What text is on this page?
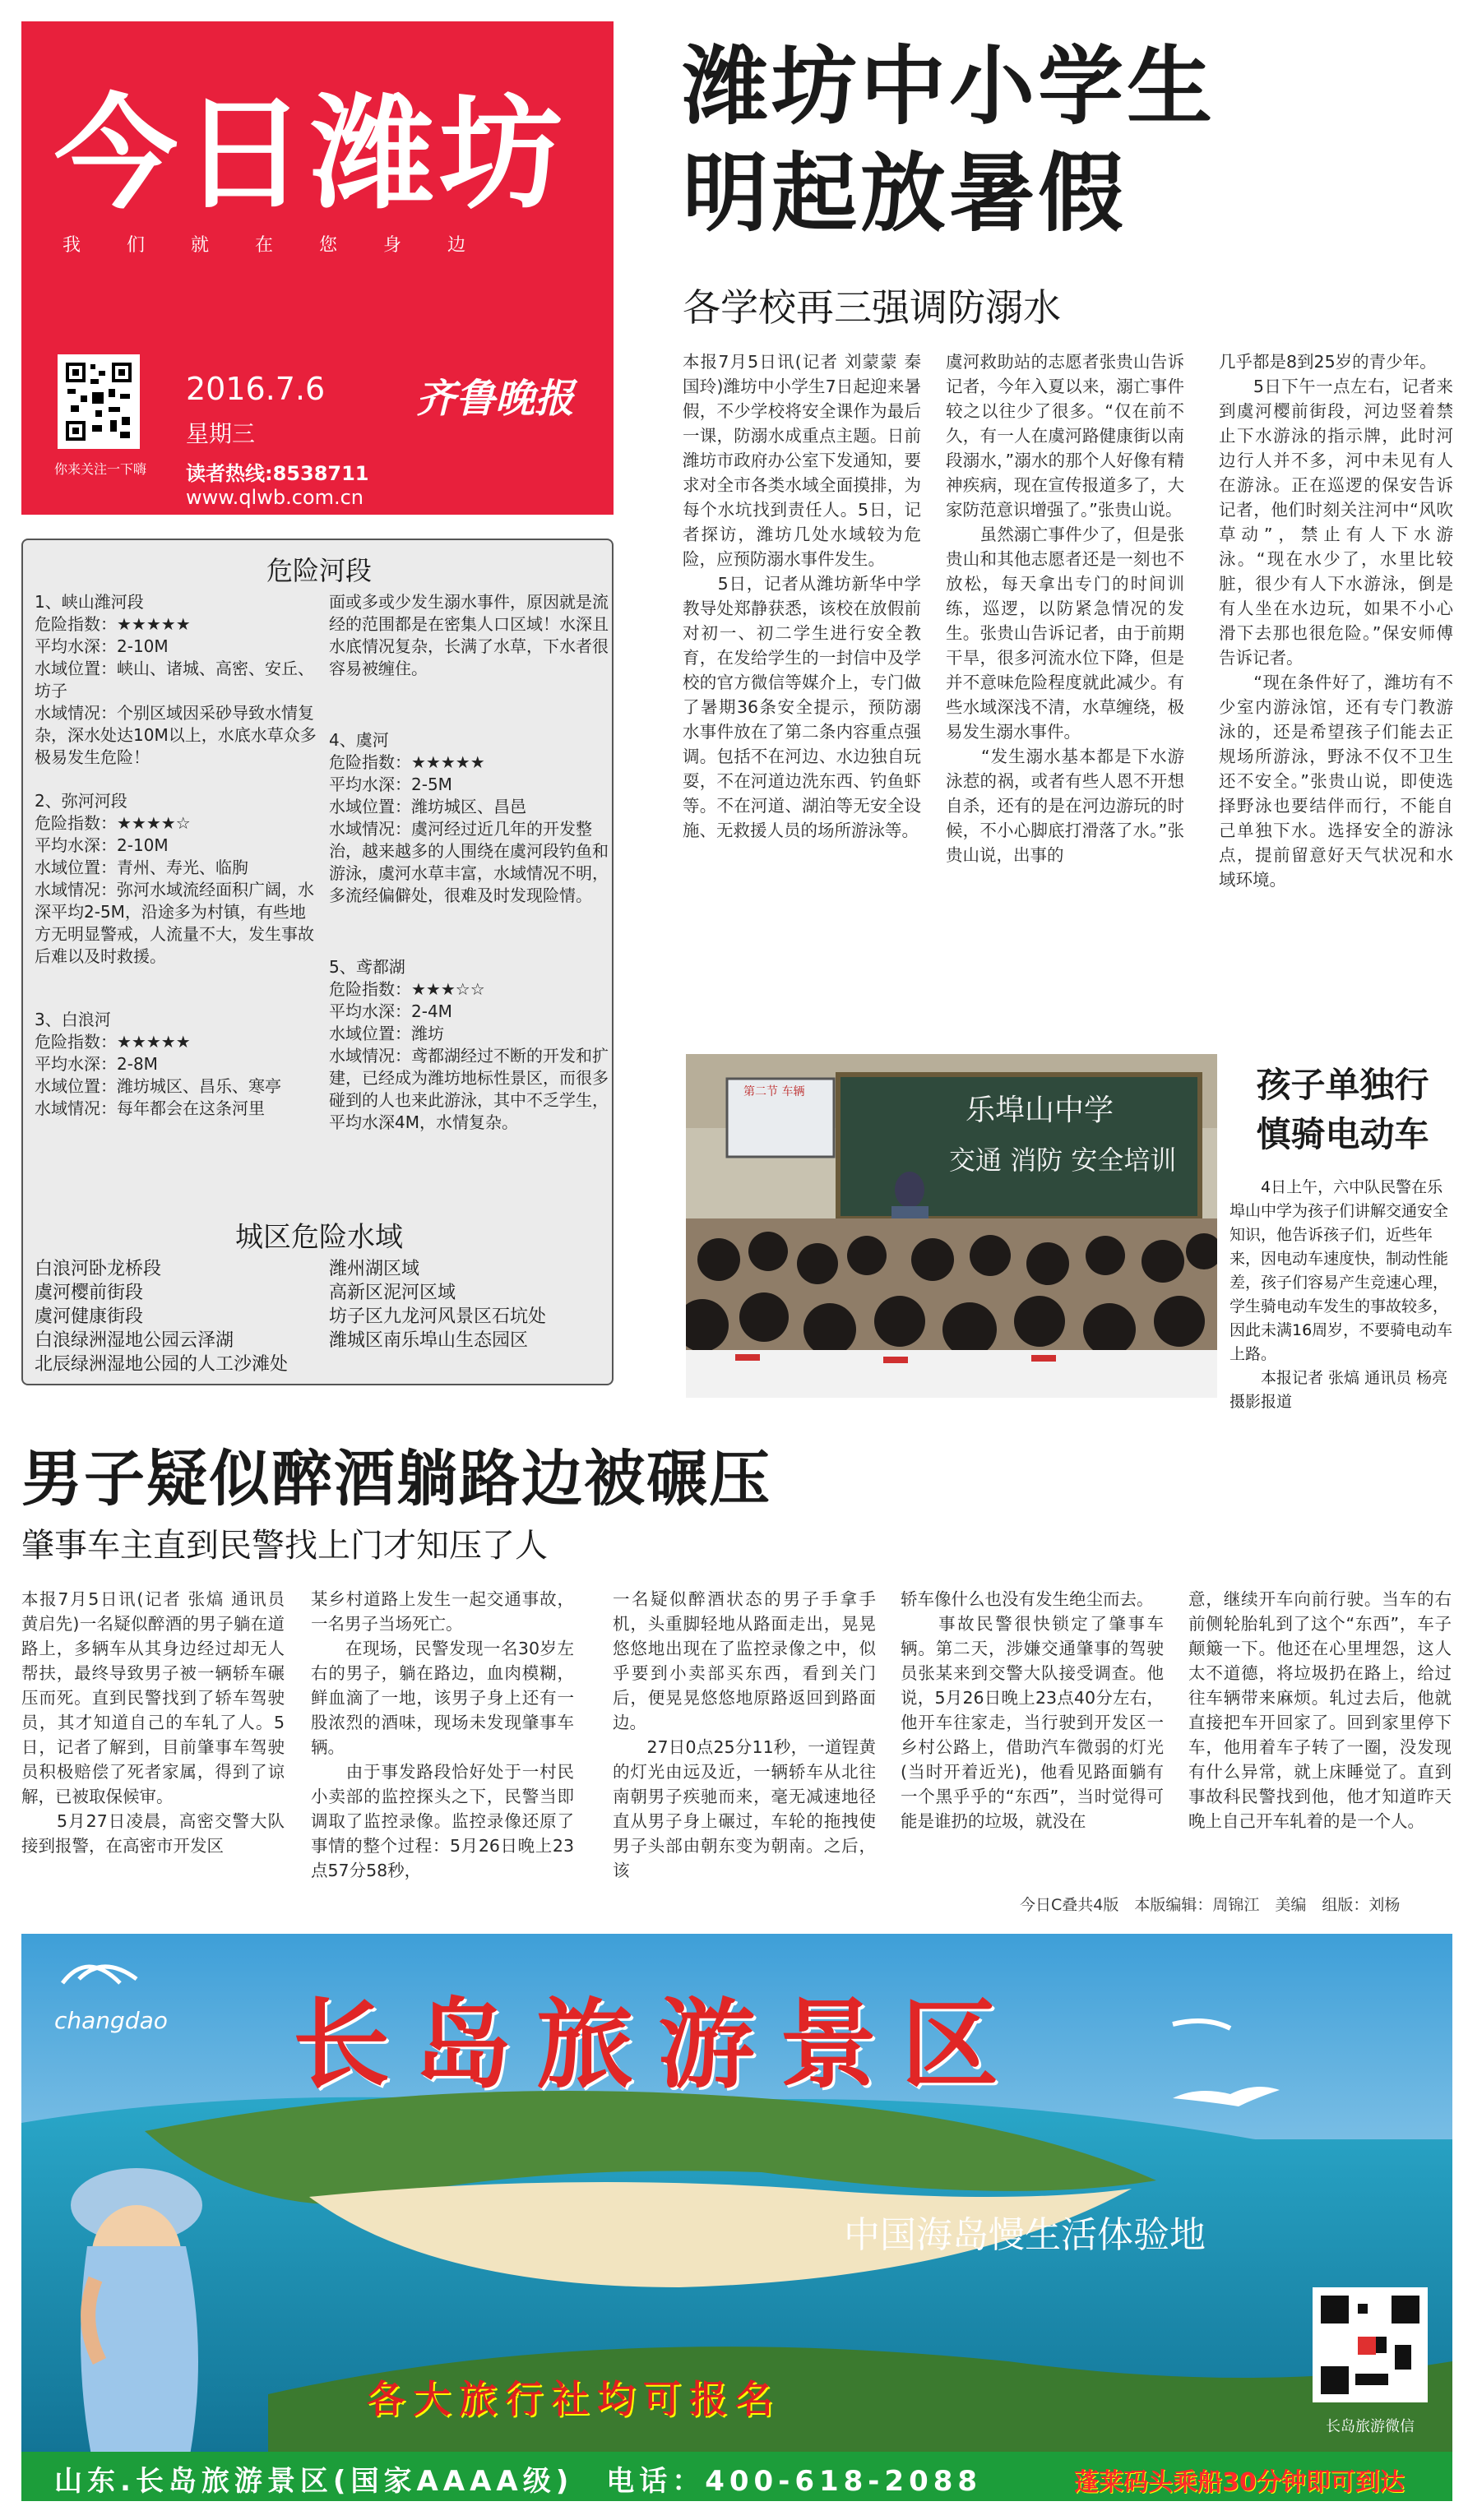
今日潍坊
我们就在您身边
你来关注一下嗨
2016.7.6
星期三
齐鲁晚报
读者热线:8538711
www.qlwb.com.cn
潍坊中小学生
明起放暑假
各学校再三强调防溺水
本报7月5日讯(记者 刘蒙蒙 秦国玲)潍坊中小学生7日起迎来暑假，不少学校将安全课作为最后一课，防溺水成重点主题。日前潍坊市政府办公室下发通知，要求对全市各类水域全面摸排，为每个水坑找到责任人。5日，记者探访，潍坊几处水域较为危险，应预防溺水事件发生。
　　5日，记者从潍坊新华中学教导处郑静获悉，该校在放假前对初一、初二学生进行安全教育，在发给学生的一封信中及学校的官方微信等媒介上，专门做了暑期36条安全提示，预防溺水事件放在了第二条内容重点强调。包括不在河边、水边独自玩耍，不在河道边洗东西、钓鱼虾等。不在河道、湖泊等无安全设施、无救援人员的场所游泳等。
虞河救助站的志愿者张贵山告诉记者，今年入夏以来，溺亡事件较之以往少了很多。“仅在前不久，有一人在虞河路健康街以南段溺水，”溺水的那个人好像有精神疾病，现在宣传报道多了，大家防范意识增强了。”张贵山说。
　　虽然溺亡事件少了，但是张贵山和其他志愿者还是一刻也不放松，每天拿出专门的时间训练，巡逻，以防紧急情况的发生。张贵山告诉记者，由于前期干旱，很多河流水位下降，但是并不意味危险程度就此减少。有些水域深浅不清，水草缠绕，极易发生溺水事件。
　　“发生溺水基本都是下水游泳惹的祸，或者有些人恩不开想自杀，还有的是在河边游玩的时候，不小心脚底打滑落了水。”张贵山说，出事的
几乎都是8到25岁的青少年。
　　5日下午一点左右，记者来到虞河樱前街段，河边竖着禁止下水游泳的指示牌，此时河边行人并不多，河中未见有人在游泳。正在巡逻的保安告诉记者，他们时刻关注河中“风吹草动”，禁止有人下水游泳。“现在水少了，水里比较脏，很少有人下水游泳，倒是有人坐在水边玩，如果不小心滑下去那也很危险。”保安师傅告诉记者。
　　“现在条件好了，潍坊有不少室内游泳馆，还有专门教游泳的，还是希望孩子们能去正规场所游泳，野泳不仅不卫生还不安全。”张贵山说，即使选择野泳也要结伴而行，不能自己单独下水。选择安全的游泳点，提前留意好天气状况和水域环境。
危险河段

1、峡山潍河段

危险指数：★★★★★

平均水深：2-10M

水域位置：峡山、诸城、高密、安丘、坊子

水域情况：个别区域因采砂导致水情复杂，深水处达10M以上，水底水草众多极易发生危险！

2、弥河河段

危险指数：★★★★☆

平均水深：2-10M

水域位置：青州、寿光、临朐

水域情况：弥河水域流经面积广阔，水深平均2-5M，沿途多为村镇，有些地方无明显警戒，人流量不大，发生事故后难以及时救援。

3、白浪河

危险指数：★★★★★

平均水深：2-8M

水域位置：潍坊城区、昌乐、寒亭

水域情况：每年都会在这条河里

面或多或少发生溺水事件，原因就是流经的范围都是在密集人口区域！水深且水底情况复杂，长满了水草，下水者很容易被缠住。

4、虞河

危险指数：★★★★★

平均水深：2-5M

水域位置：潍坊城区、昌邑

水域情况：虞河经过近几年的开发整治，越来越多的人围绕在虞河段钓鱼和游泳，虞河水草丰富，水域情况不明，多流经偏僻处，很难及时发现险情。

5、鸢都湖

危险指数：★★★☆☆

平均水深：2-4M

水域位置：潍坊

水域情况：鸢都湖经过不断的开发和扩建，已经成为潍坊地标性景区，而很多碰到的人也来此游泳，其中不乏学生，平均水深4M，水情复杂。

城区危险水域
白浪河卧龙桥段
虞河樱前街段
虞河健康街段
白浪绿洲湿地公园云泽湖
北辰绿洲湿地公园的人工沙滩处
潍州湖区域
高新区泥河区域
坊子区九龙河风景区石坑处
潍城区南乐埠山生态园区
乐埠山中学
交通 消防 安全培训
第二节 车辆	孩子单独行
慎骑电动车

4日上午，六中队民警在乐埠山中学为孩子们讲解交通安全知识，他告诉孩子们，近些年来，因电动车速度快，制动性能差，孩子们容易产生竞速心理，学生骑电动车发生的事故较多，因此未满16周岁，不要骑电动车上路。

本报记者 张熇 通讯员 杨亮 摄影报道

男子疑似醉酒躺路边被碾压
肇事车主直到民警找上门才知压了人
本报7月5日讯(记者 张熇 通讯员 黄启先)一名疑似醉酒的男子躺在道路上，多辆车从其身边经过却无人帮扶，最终导致男子被一辆轿车碾压而死。直到民警找到了轿车驾驶员，其才知道自己的车轧了人。5日，记者了解到，目前肇事车驾驶员积极赔偿了死者家属，得到了谅解，已被取保候审。
　　5月27日凌晨，高密交警大队接到报警，在高密市开发区
某乡村道路上发生一起交通事故，一名男子当场死亡。
　　在现场，民警发现一名30岁左右的男子，躺在路边，血肉模糊，鲜血滴了一地，该男子身上还有一股浓烈的酒味，现场未发现肇事车辆。
　　由于事发路段恰好处于一村民小卖部的监控探头之下，民警当即调取了监控录像。监控录像还原了事情的整个过程：5月26日晚上23点57分58秒，
一名疑似醉酒状态的男子手拿手机，头重脚轻地从路面走出，晃晃悠悠地出现在了监控录像之中，似乎要到小卖部买东西，看到关门后，便晃晃悠悠地原路返回到路面边。
　　27日0点25分11秒，一道锃黄的灯光由远及近，一辆轿车从北往南朝男子疾驰而来，毫无减速地径直从男子身上碾过，车轮的拖拽使男子头部由朝东变为朝南。之后，该
轿车像什么也没有发生绝尘而去。
　　事故民警很快锁定了肇事车辆。第二天，涉嫌交通肇事的驾驶员张某来到交警大队接受调查。他说，5月26日晚上23点40分左右，他开车往家走，当行驶到开发区一乡村公路上，借助汽车微弱的灯光(当时开着近光)，他看见路面躺有一个黑乎乎的“东西”，当时觉得可能是谁扔的垃圾，就没在
意，继续开车向前行驶。当车的右前侧轮胎轧到了这个“东西”，车子颠簸一下。他还在心里埋怨，这人太不道德，将垃圾扔在路上，给过往车辆带来麻烦。轧过去后，他就直接把车开回家了。回到家里停下车，他用着车子转了一圈，没发现有什么异常，就上床睡觉了。直到事故科民警找到他，他才知道昨天晚上自己开车轧着的是一个人。
今日C叠共4版　本版编辑：周锦江　美编　组版：刘杨
changdao 长岛旅游景区
中国海岛慢生活体验地
各大旅行社均可报名
长岛旅游微信
山东.长岛旅游景区(国家AAAA级)　电话：400-618-2088	蓬莱码头乘船30分钟即可到达
